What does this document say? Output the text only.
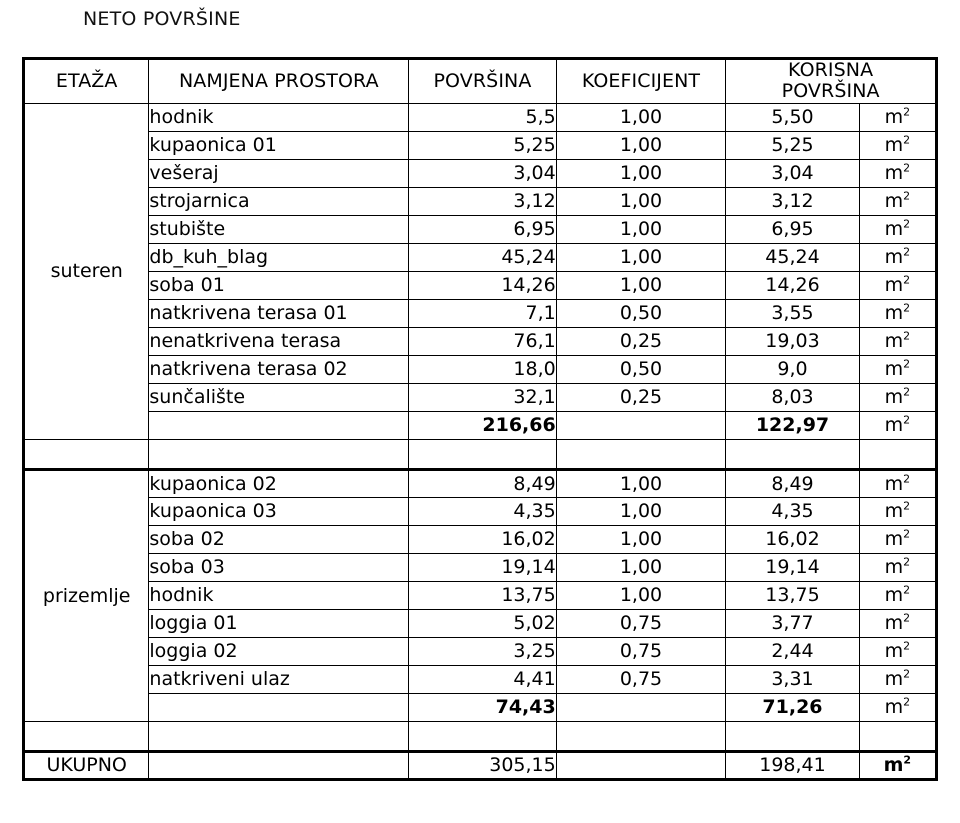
NETO POVRŠINE
ETAŽA	NAMJENA PROSTORA	POVRŠINA	KOEFICIJENT	KORISNA
POVRŠINA	

suteren	hodnik	5,5	1,00	5,50	$m^2$
	kupaonica 01	5,25	1,00	5,25	$m^2$
	vešeraj	3,04	1,00	3,04	$m^2$
	strojarnica	3,12	1,00	3,12	$m^2$
	stubište	6,95	1,00	6,95	$m^2$
	db_kuh_blag	45,24	1,00	45,24	$m^2$
	soba 01	14,26	1,00	14,26	$m^2$
	natkrivena terasa 01	7,1	0,50	3,55	$m^2$
	nenatkrivena terasa	76,1	0,25	19,03	$m^2$
	natkrivena terasa 02	18,0	0,50	9,0	$m^2$
	sunčalište	32,1	0,25	8,03	$m^2$
		216,66		122,97	$m^2$

prizemlje	kupaonica 02	8,49	1,00	8,49	$m^2$
	kupaonica 03	4,35	1,00	4,35	$m^2$
	soba 02	16,02	1,00	16,02	$m^2$
	soba 03	19,14	1,00	19,14	$m^2$
	hodnik	13,75	1,00	13,75	$m^2$
	loggia 01	5,02	0,75	3,77	$m^2$
	loggia 02	3,25	0,75	2,44	$m^2$
	natkriveni ulaz	4,41	0,75	3,31	$m^2$
		74,43		71,26	$m^2$

UKUPNO		305,15		198,41	$m^2$
